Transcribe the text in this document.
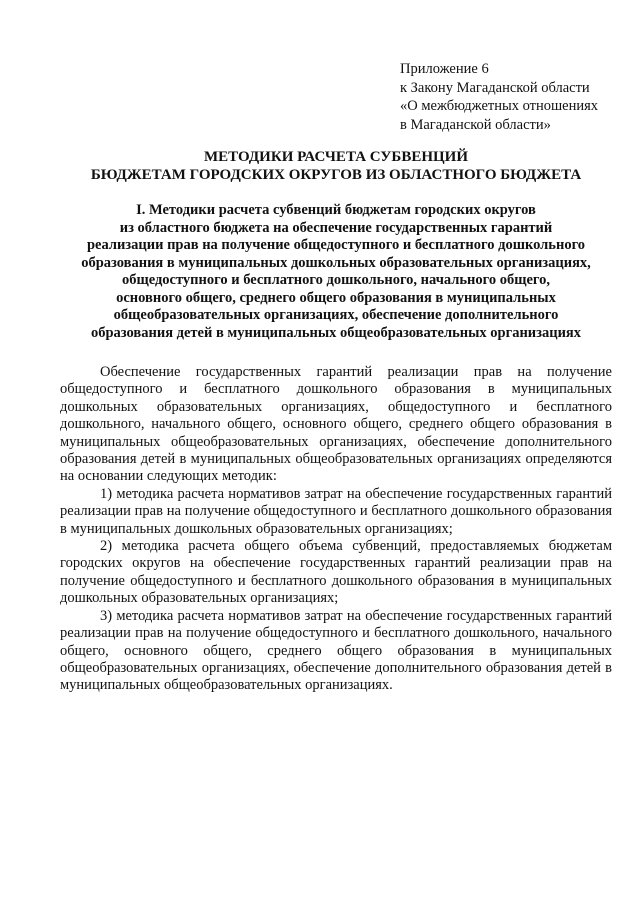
Приложение 6
к Закону Магаданской области
«О межбюджетных отношениях
в Магаданской области»
МЕТОДИКИ РАСЧЕТА СУБВЕНЦИЙ
БЮДЖЕТАМ ГОРОДСКИХ ОКРУГОВ ИЗ ОБЛАСТНОГО БЮДЖЕТА
I. Методики расчета субвенций бюджетам городских округов
из областного бюджета на обеспечение государственных гарантий
реализации прав на получение общедоступного и бесплатного дошкольного
образования в муниципальных дошкольных образовательных организациях,
общедоступного и бесплатного дошкольного, начального общего,
основного общего, среднего общего образования в муниципальных
общеобразовательных организациях, обеспечение дополнительного
образования детей в муниципальных общеобразовательных организациях

Обеспечение государственных гарантий реализации прав на получение общедоступного и бесплатного дошкольного образования в муниципальных дошкольных образовательных организациях, общедоступного и бесплатного дошкольного, начального общего, основного общего, среднего общего образования в муниципальных общеобразовательных организациях, обеспечение дополнительного образования детей в муниципальных общеобразовательных организациях определяются на основании следующих методик:

1) методика расчета нормативов затрат на обеспечение государственных гарантий реализации прав на получение общедоступного и бесплатного дошкольного образования в муниципальных дошкольных образовательных организациях;

2) методика расчета общего объема субвенций, предоставляемых бюджетам городских округов на обеспечение государственных гарантий реализации прав на получение общедоступного и бесплатного дошкольного образования в муниципальных дошкольных образовательных организациях;

3) методика расчета нормативов затрат на обеспечение государственных гарантий реализации прав на получение общедоступного и бесплатного дошкольного, начального общего, основного общего, среднего общего образования в муниципальных общеобразовательных организациях, обеспечение дополнительного образования детей в муниципальных общеобразовательных организациях.
